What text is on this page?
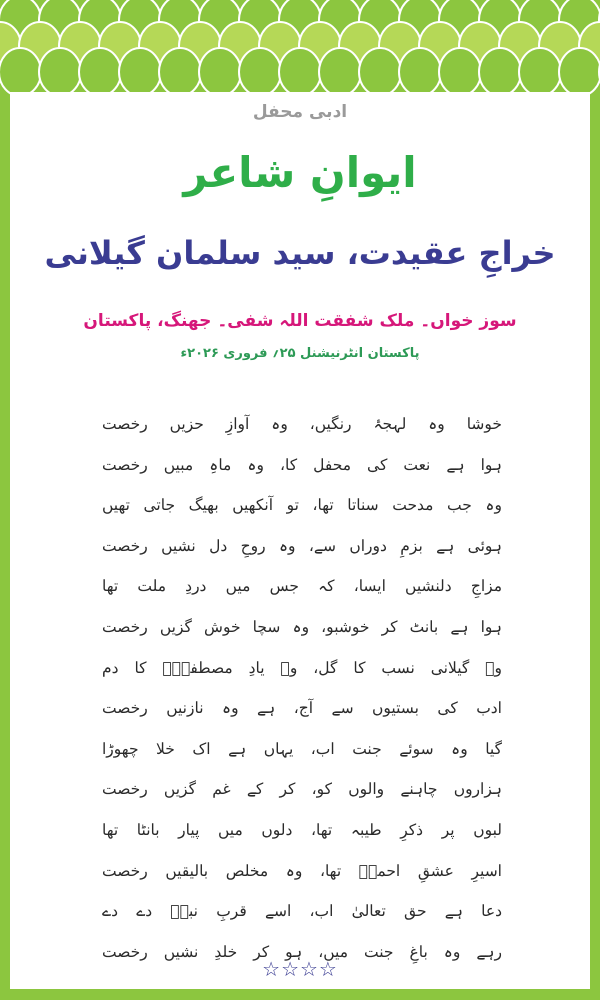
ادبی محفل
ایوانِ شاعر
خراجِ عقیدت، سید سلمان گیلانی
سوز خواں۔ ملک شفقت اللہ شفی۔ جھنگ، پاکستان
پاکستان انٹرنیشنل ۲۵؍ فروری ۲۰۲۶ء
خوشا وہ لہجۂ رنگیں، وہ آوازِ حزیں رخصت
ہوا ہے نعت کی محفل کا، وہ ماہِ مبیں رخصت
وہ جب مدحت سناتا تھا، تو آنکھیں بھیگ جاتی تھیں
ہوئی ہے بزمِ دوراں سے، وہ روحِ دل نشیں رخصت
مزاجِ دلنشیں ایسا، کہ جس میں دردِ ملت تھا
ہوا ہے بانٹ کر خوشبو، وہ سچا خوش گزیں رخصت
وہ گیلانی نسب کا گل، وہ یادِ مصطفیٰؐ کا دم
ادب کی بستیوں سے آج، ہے وہ نازنیں رخصت
گیا وہ سوئے جنت اب، یہاں ہے اک خلا چھوڑا
ہزاروں چاہنے والوں کو، کر کے غم گزیں رخصت
لبوں پر ذکرِ طیبہ تھا، دلوں میں پیار بانٹا تھا
اسیرِ عشقِ احمدؐ تھا، وہ مخلص بالیقیں رخصت
دعا ہے حق تعالیٰ اب، اسے قربِ نبیؐ دے دے
رہے وہ باغِ جنت میں، ہو کر خلدِ نشیں رخصت
☆☆☆☆
